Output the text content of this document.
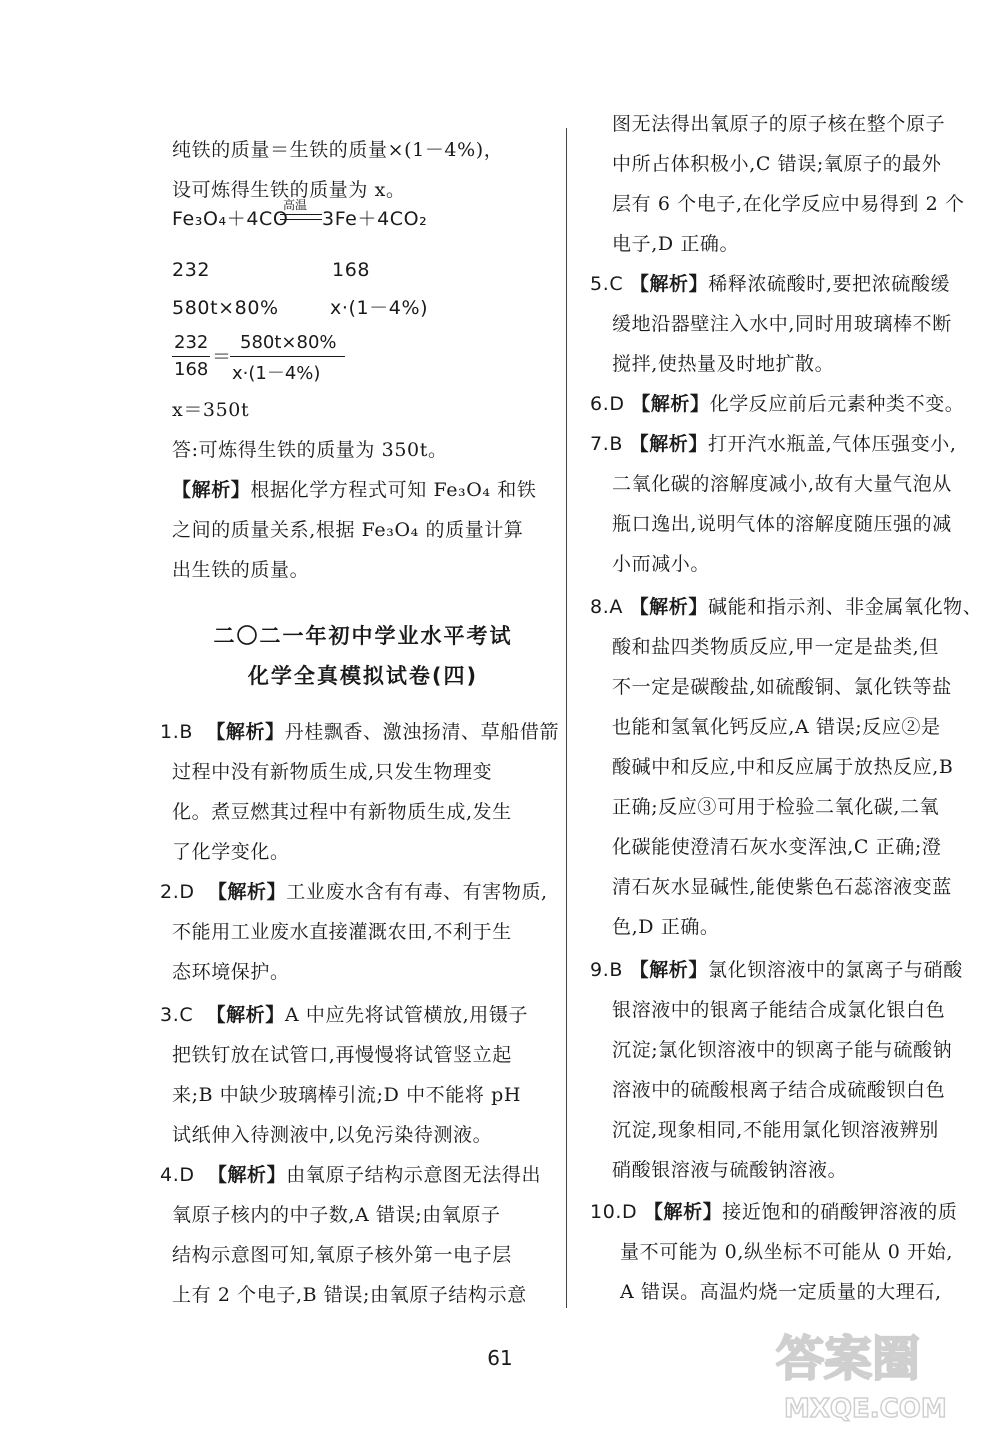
纯铁的质量＝生铁的质量×(1－4%)，
设可炼得生铁的质量为 x。
Fe₃O₄＋4CO
高温
3Fe＋4CO₂
232	168
580t×80%	x·(1－4%)
232
168
＝
580t×80%
x·(1－4%)
x＝350t
答:可炼得生铁的质量为 350t。
【解析】根据化学方程式可知 Fe₃O₄ 和铁
之间的质量关系,根据 Fe₃O₄ 的质量计算
出生铁的质量。
二〇二一年初中学业水平考试
化学全真模拟试卷(四)
1.B 【解析】丹桂飘香、激浊扬清、草船借箭
过程中没有新物质生成,只发生物理变
化。煮豆燃萁过程中有新物质生成,发生
了化学变化。
2.D 【解析】工业废水含有有毒、有害物质,
不能用工业废水直接灌溉农田,不利于生
态环境保护。
3.C 【解析】A 中应先将试管横放,用镊子
把铁钉放在试管口,再慢慢将试管竖立起
来;B 中缺少玻璃棒引流;D 中不能将 pH
试纸伸入待测液中,以免污染待测液。
4.D 【解析】由氧原子结构示意图无法得出
氧原子核内的中子数,A 错误;由氧原子
结构示意图可知,氧原子核外第一电子层
上有 2 个电子,B 错误;由氧原子结构示意
图无法得出氧原子的原子核在整个原子
中所占体积极小,C 错误;氧原子的最外
层有 6 个电子,在化学反应中易得到 2 个
电子,D 正确。
5.C 【解析】稀释浓硫酸时,要把浓硫酸缓
缓地沿器壁注入水中,同时用玻璃棒不断
搅拌,使热量及时地扩散。
6.D 【解析】化学反应前后元素种类不变。
7.B 【解析】打开汽水瓶盖,气体压强变小,
二氧化碳的溶解度减小,故有大量气泡从
瓶口逸出,说明气体的溶解度随压强的减
小而减小。
8.A 【解析】碱能和指示剂、非金属氧化物、
酸和盐四类物质反应,甲一定是盐类,但
不一定是碳酸盐,如硫酸铜、氯化铁等盐
也能和氢氧化钙反应,A 错误;反应②是
酸碱中和反应,中和反应属于放热反应,B
正确;反应③可用于检验二氧化碳,二氧
化碳能使澄清石灰水变浑浊,C 正确;澄
清石灰水显碱性,能使紫色石蕊溶液变蓝
色,D 正确。
9.B 【解析】氯化钡溶液中的氯离子与硝酸
银溶液中的银离子能结合成氯化银白色
沉淀;氯化钡溶液中的钡离子能与硫酸钠
溶液中的硫酸根离子结合成硫酸钡白色
沉淀,现象相同,不能用氯化钡溶液辨别
硝酸银溶液与硫酸钠溶液。
10.D 【解析】接近饱和的硝酸钾溶液的质
量不可能为 0,纵坐标不可能从 0 开始,
A 错误。高温灼烧一定质量的大理石,
61	答案圈
MXQE.COM
